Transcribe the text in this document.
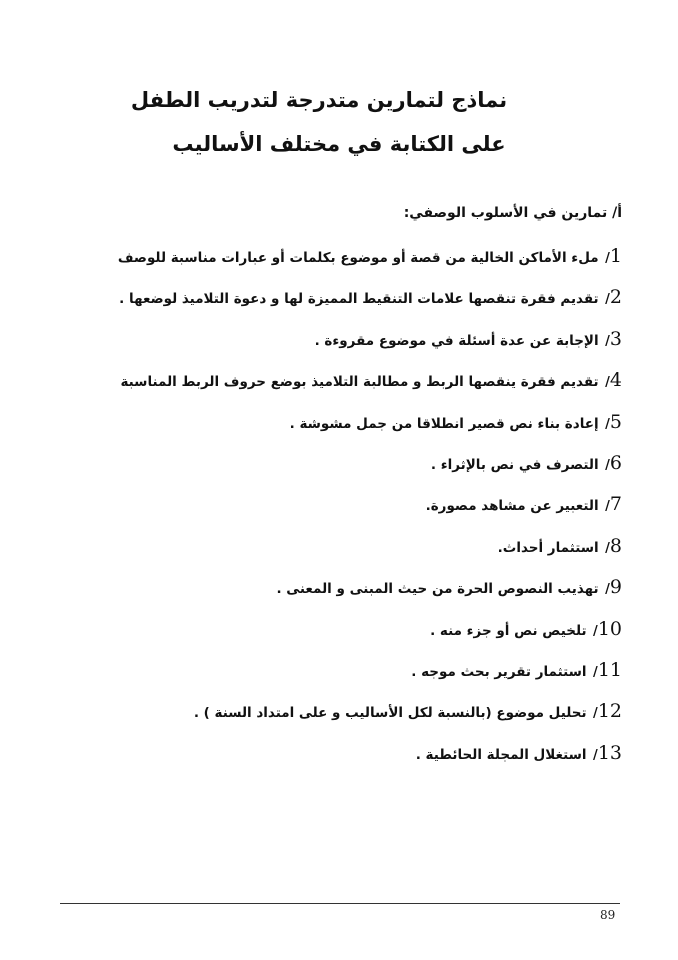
نماذج لتمارين متدرجة لتدريب الطفل
على الكتابة في مختلف الأساليب
أ/ تمارين في الأسلوب الوصفي:
1/ ملء الأماكن الخالية من قصة أو موضوع بكلمات أو عبارات مناسبة للوصف
2/ تقديم فقرة تنقصها علامات التنقيط المميزة لها و دعوة التلاميذ لوضعها .
3/ الإجابة عن عدة أسئلة في موضوع مقروءة .
4/ تقديم فقرة ينقصها الربط و مطالبة التلاميذ بوضع حروف الربط المناسبة
5/ إعادة بناء نص قصير انطلاقا من جمل مشوشة .
6/ التصرف في نص بالإثراء .
7/ التعبير عن مشاهد مصورة.
8/ استثمار أحداث.
9/ تهذيب النصوص الحرة من حيث المبنى و المعنى .
10/ تلخيص نص أو جزء منه .
11/ استثمار تقرير بحث موجه .
12/ تحليل موضوع (بالنسبة لكل الأساليب و على امتداد السنة ) .
13/ استغلال المجلة الحائطية .
89
